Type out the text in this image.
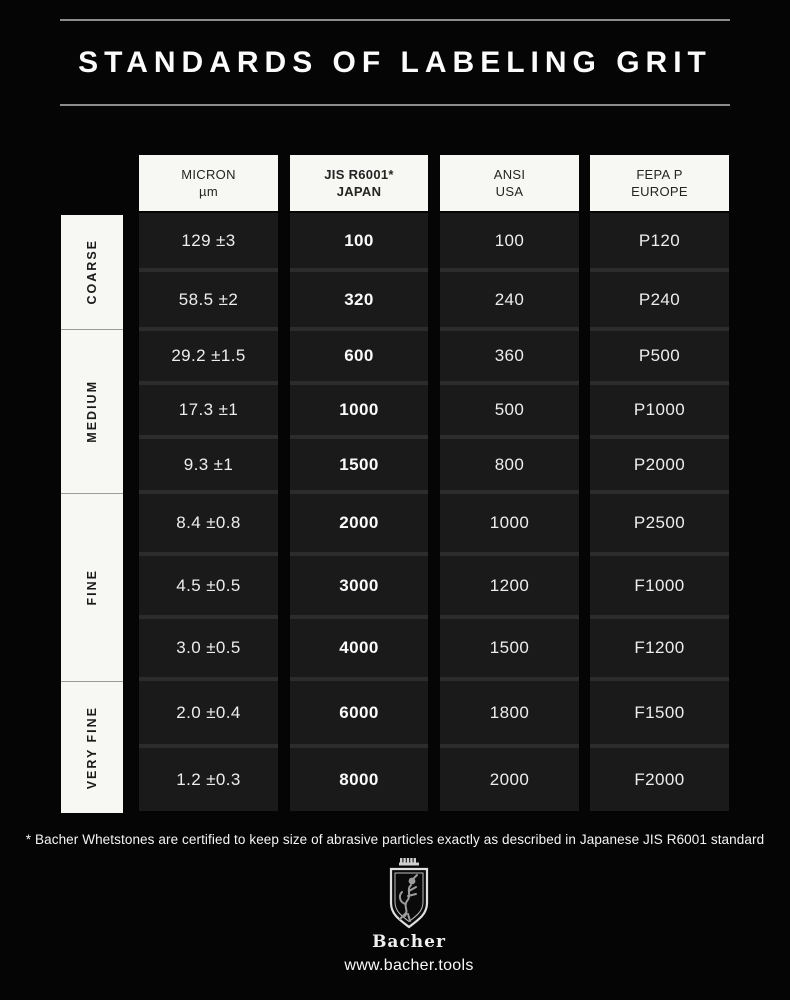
STANDARDS OF LABELING GRIT
COARSE
MEDIUM
FINE
VERY FINE
MICRON
µm
JIS R6001*
JAPAN
ANSI
USA
FEPA P
EUROPE
129 ±3
58.5 ±2
29.2 ±1.5
17.3 ±1
9.3 ±1
8.4 ±0.8
4.5 ±0.5
3.0 ±0.5
2.0 ±0.4
1.2 ±0.3
100
320
600
1000
1500
2000
3000
4000
6000
8000
100
240
360
500
800
1000
1200
1500
1800
2000
P120
P240
P500
P1000
P2000
P2500
F1000
F1200
F1500
F2000
* Bacher Whetstones are certified to keep size of abrasive particles exactly as described in Japanese JIS R6001 standard
Bacher
www.bacher.tools
